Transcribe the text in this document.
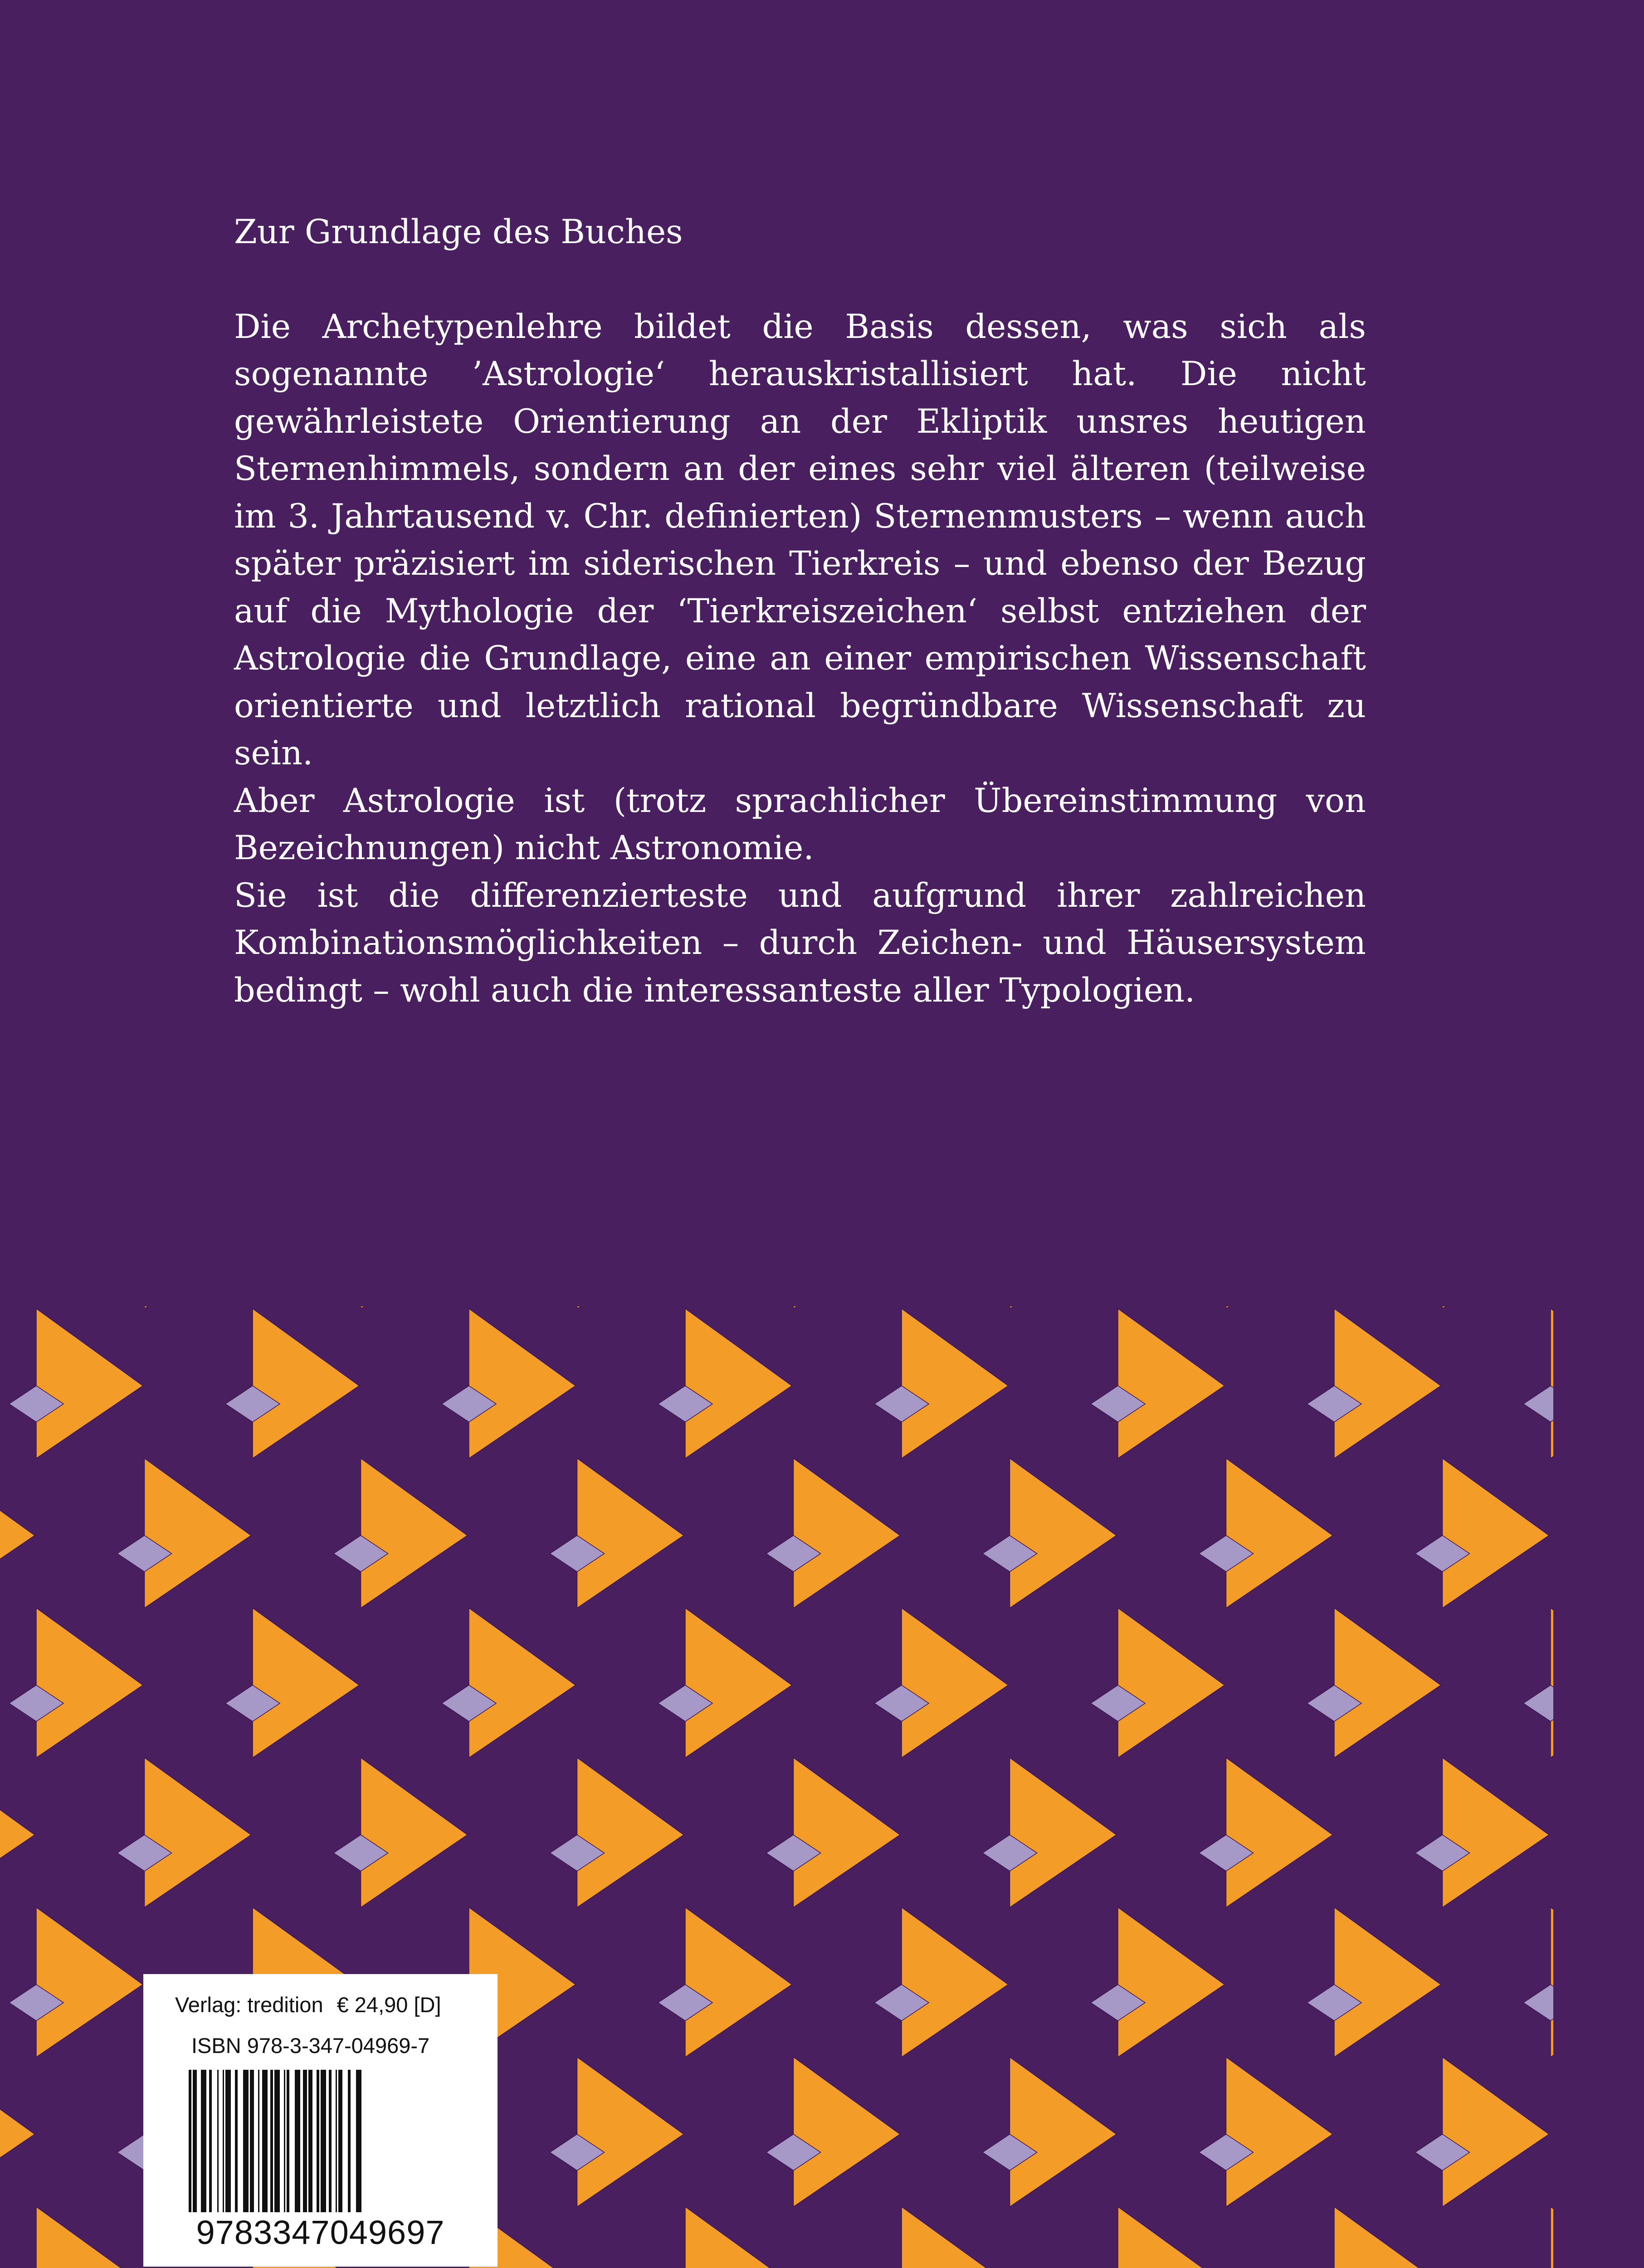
Zur Grundlage des Buches

Die Archetypenlehre bildet die Basis dessen, was sich als sogenannte ’Astrologie‘ herauskristallisiert hat. Die nicht gewährleistete Orientierung an der Ekliptik unsres heutigen Sternenhimmels, sondern an der eines sehr viel älteren (teilweise im 3. Jahrtausend v. Chr. definierten) Sternenmusters – wenn auch später präzisiert im siderischen Tierkreis – und ebenso der Bezug auf die Mythologie der ‘Tierkreiszeichen‘ selbst entziehen der Astrologie die Grundlage, eine an einer empirischen Wissenschaft orientierte und letztlich rational begründbare Wissenschaft zu sein.

Aber Astrologie ist (trotz sprachlicher Übereinstimmung von Bezeichnungen) nicht Astronomie.

Sie ist die differenzierteste und aufgrund ihrer zahlreichen Kombinationsmöglichkeiten – durch Zeichen- und Häusersystem bedingt – wohl auch die interessanteste aller Typologien.

Verlag: tredition € 24,90 [D]
ISBN 978-3-347-04969-7
9783347049697
